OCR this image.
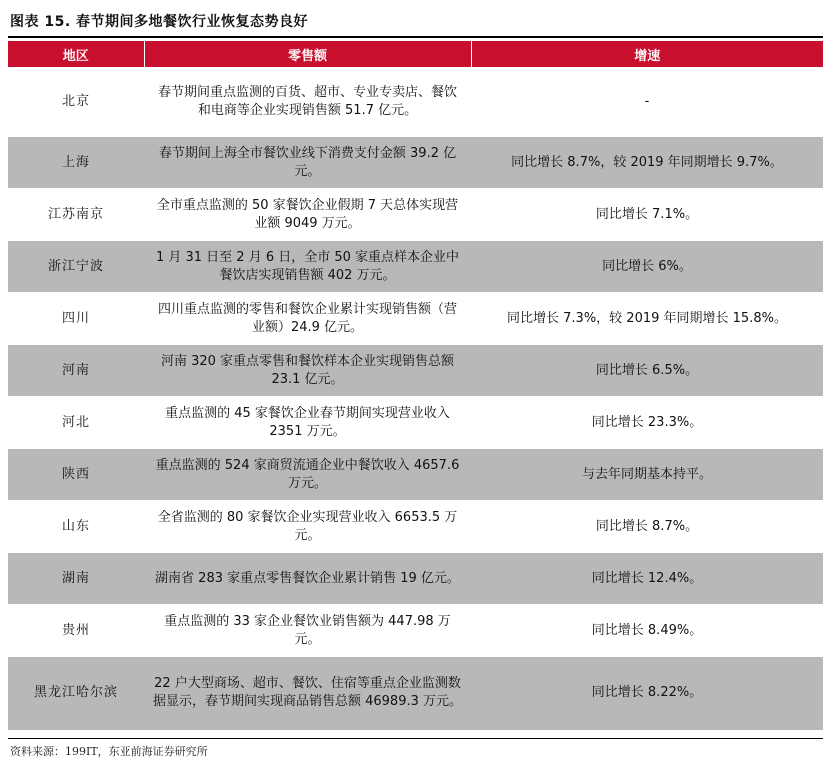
图表 15. 春节期间多地餐饮行业恢复态势良好
地区	零售额	增速
北京	春节期间重点监测的百货、超市、专业专卖店、餐饮和电商等企业实现销售额 51.7 亿元。	-
上海	春节期间上海全市餐饮业线下消费支付金额 39.2 亿元。	同比增长 8.7%，较 2019 年同期增长 9.7%。
江苏南京	全市重点监测的 50 家餐饮企业假期 7 天总体实现营业额 9049 万元。	同比增长 7.1%。
浙江宁波	1 月 31 日至 2 月 6 日，全市 50 家重点样本企业中餐饮店实现销售额 402 万元。	同比增长 6%。
四川	四川重点监测的零售和餐饮企业累计实现销售额（营业额）24.9 亿元。	同比增长 7.3%，较 2019 年同期增长 15.8%。
河南	河南 320 家重点零售和餐饮样本企业实现销售总额 23.1 亿元。	同比增长 6.5%。
河北	重点监测的 45 家餐饮企业春节期间实现营业收入 2351 万元。	同比增长 23.3%。
陕西	重点监测的 524 家商贸流通企业中餐饮收入 4657.6 万元。	与去年同期基本持平。
山东	全省监测的 80 家餐饮企业实现营业收入 6653.5 万元。	同比增长 8.7%。
湖南	湖南省 283 家重点零售餐饮企业累计销售 19 亿元。	同比增长 12.4%。
贵州	重点监测的 33 家企业餐饮业销售额为 447.98 万元。	同比增长 8.49%。
黑龙江哈尔滨	22 户大型商场、超市、餐饮、住宿等重点企业监测数据显示，春节期间实现商品销售总额 46989.3 万元。	同比增长 8.22%。
资料来源：199IT，东亚前海证券研究所
